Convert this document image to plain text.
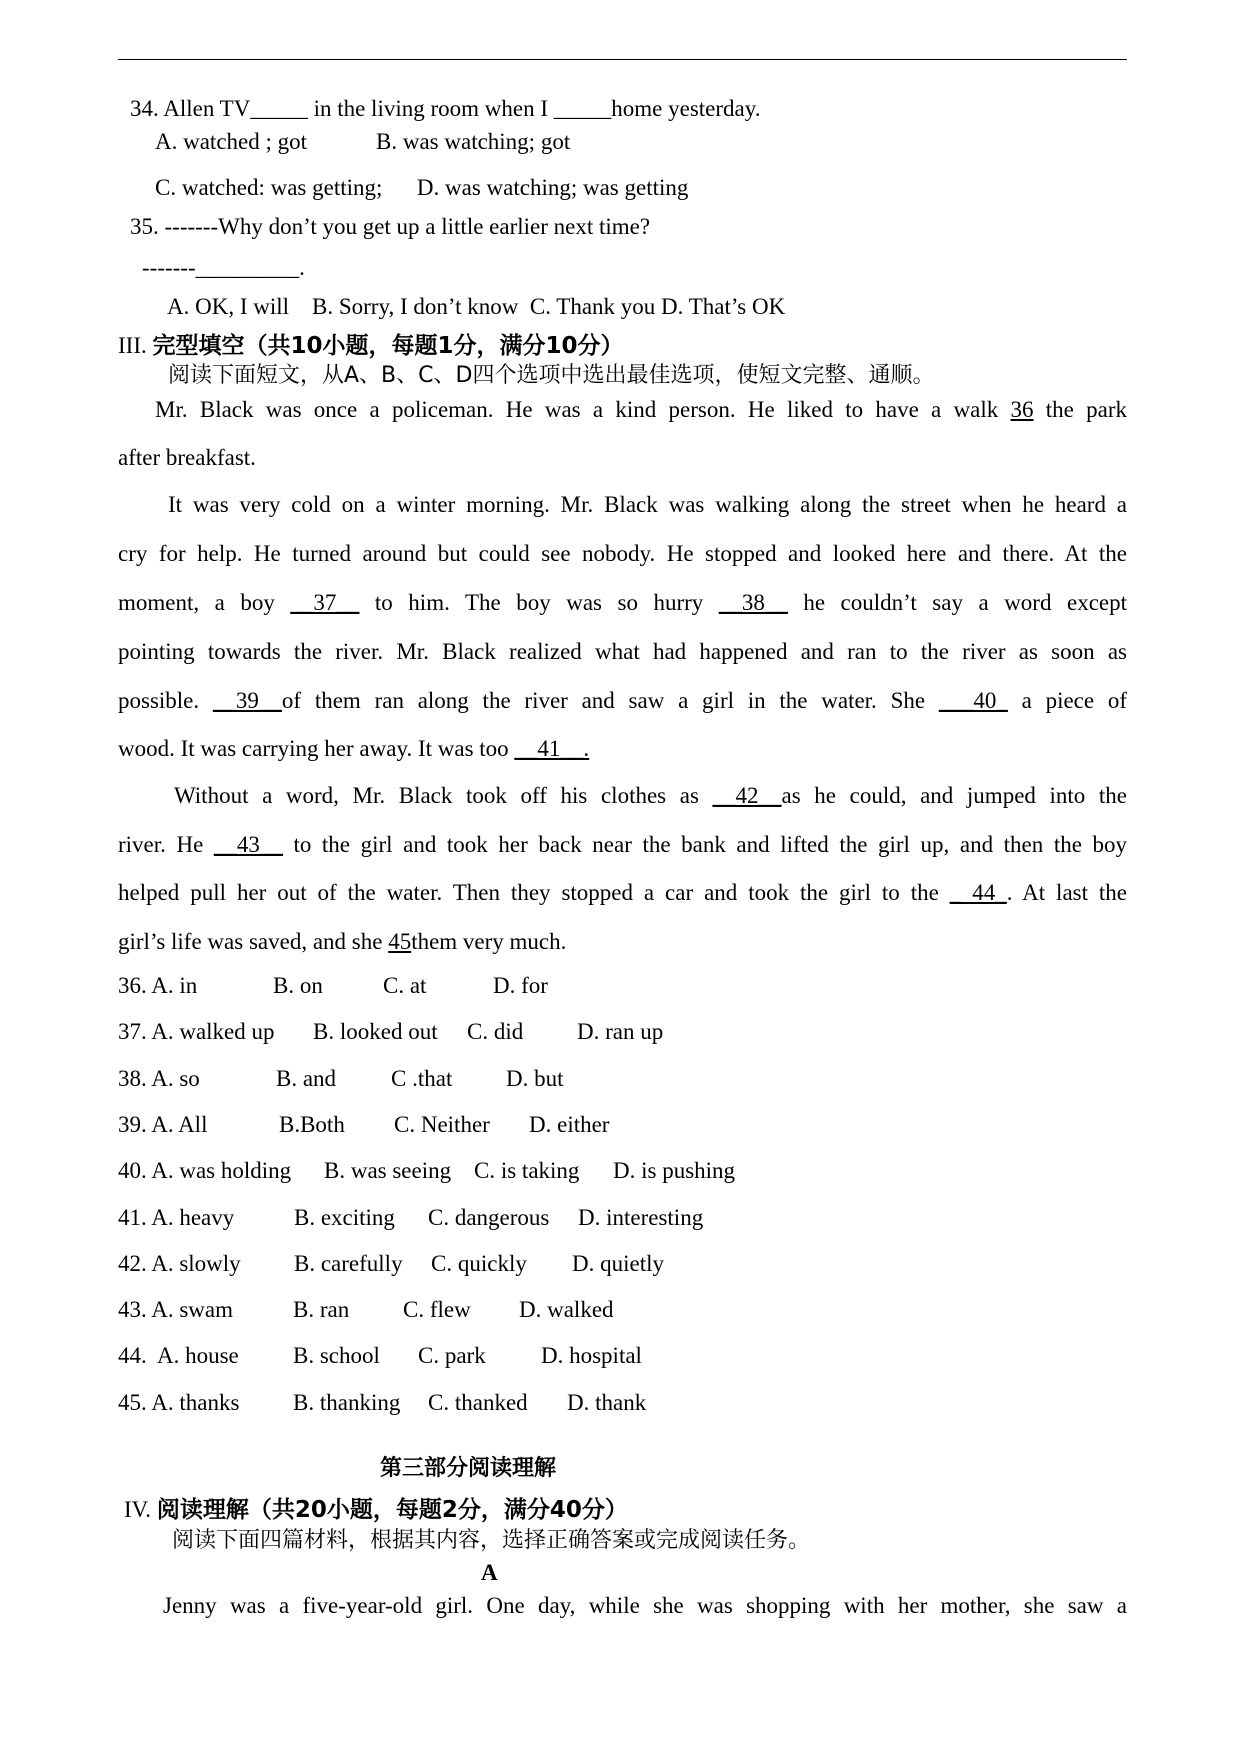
34. Allen TV_____ in the living room when I _____home yesterday.
A. watched ; got            B. was watching; got
C. watched: was getting;      D. was watching; was getting
35. -------Why don’t you get up a little earlier next time?
-------_________.
A. OK, I will    B. Sorry, I don’t know  C. Thank you D. That’s OK
III. 完型填空（共10小题，每题1分，满分10分）
阅读下面短文，从A、B、C、D四个选项中选出最佳选项，使短文完整、通顺。
Mr. Black was once a policeman. He was a kind person. He liked to have a walk 36 the park
after breakfast.
It was very cold on a winter morning. Mr. Black was walking along the street when he heard a
cry for help. He turned around but could see nobody. He stopped and looked here and there. At the
moment, a boy __37__ to him. The boy was so hurry __38__ he couldn’t say a word except
pointing towards the river. Mr. Black realized what had happened and ran to the river as soon as
possible. __39__of them ran along the river and saw a girl in the water. She ___40_ a piece of
wood. It was carrying her away. It was too __41__.
Without a word, Mr. Black took off his clothes as __42__as he could, and jumped into the
river. He __43__ to the girl and took her back near the bank and lifted the girl up, and then the boy
helped pull her out of the water. Then they stopped a car and took the girl to the _ 44_. At last the
girl’s life was saved, and she 45them very much.
36. A. in	B. on	C. at	D. for
37. A. walked up B. looked out C. did D. ran up
38. A. so	B. and C .that D. but
39. A. All	B.Both C. Neither D. either
40. A. was holding B. was seeing C. is taking D. is pushing
41. A. heavy	B. exciting C. dangerous D. interesting
42. A. slowly B. carefully C. quickly D. quietly
43. A. swam	B. ran C. flew D. walked
44.  A. house B. school C. park D. hospital
45. A. thanks B. thanking C. thanked D. thank
第三部分阅读理解
IV. 阅读理解（共20小题，每题2分，满分40分）
阅读下面四篇材料，根据其内容，选择正确答案或完成阅读任务。
A
Jenny was a five-year-old girl. One day, while she was shopping with her mother, she saw a
